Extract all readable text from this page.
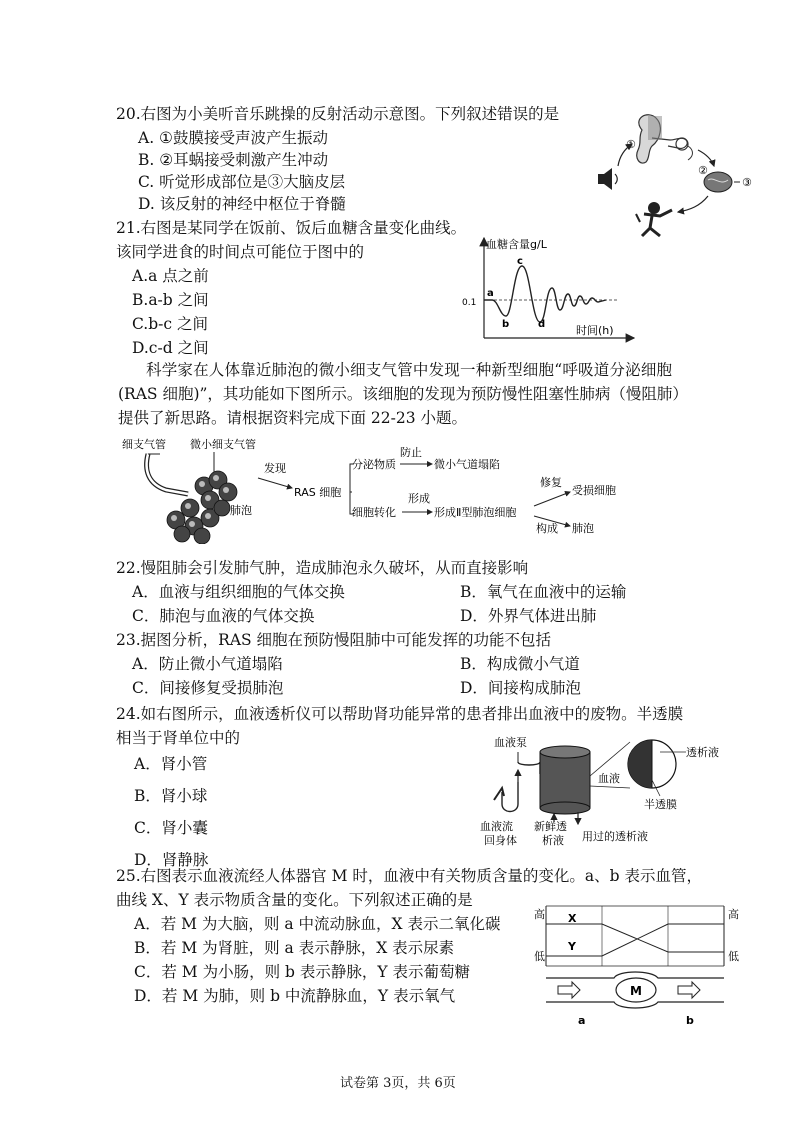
20.右图为小美听音乐跳操的反射活动示意图。下列叙述错误的是
A. ①鼓膜接受声波产生振动
B. ②耳蜗接受刺激产生冲动
C. 听觉形成部位是③大脑皮层
D. 该反射的神经中枢位于脊髓
①
②
③
21.右图是某同学在饭前、饭后血糖含量变化曲线。
该同学进食的时间点可能位于图中的
A.a 点之前
B.a-b 之间
C.b-c 之间
D.c-d 之间
血糖含量g/L
时间(h)
0.1
a
b
c
d
科学家在人体靠近肺泡的微小细支气管中发现一种新型细胞“呼吸道分泌细胞
(RAS 细胞)”，其功能如下图所示。该细胞的发现为预防慢性阻塞性肺病（慢阻肺）
提供了新思路。请根据资料完成下面 22-23 小题。
细支气管 微小细支气管
肺泡
发现
RAS 细胞
分泌物质
防止
微小气道塌陷
细胞转化
形成
形成Ⅱ型肺泡细胞
修复
受损细胞
构成 肺泡
22.慢阻肺会引发肺气肿，造成肺泡永久破坏，从而直接影响
A．血液与组织细胞的气体交换	B．氧气在血液中的运输
C．肺泡与血液的气体交换	D．外界气体进出肺
23.据图分析，RAS 细胞在预防慢阻肺中可能发挥的功能不包括
A．防止微小气道塌陷	B．构成微小气道
C．间接修复受损肺泡	D．间接构成肺泡
24.如右图所示，血液透析仪可以帮助肾功能异常的患者排出血液中的废物。半透膜
相当于肾单位中的
A．肾小管
B．肾小球
C．肾小囊
D．肾静脉
血液泵
血液流
回身体
新鲜透
析液 用过的透析液
透析液
血液
半透膜
25.右图表示血液流经人体器官 M 时，血液中有关物质含量的变化。a、b 表示血管，
曲线 X、Y 表示物质含量的变化。下列叙述正确的是
A．若 M 为大脑，则 a 中流动脉血，X 表示二氧化碳
B．若 M 为肾脏，则 a 表示静脉，X 表示尿素
C．若 M 为小肠，则 b 表示静脉，Y 表示葡萄糖
D．若 M 为肺，则 b 中流静脉血，Y 表示氧气
高
低
高
低
X
Y
M
a	b
试卷第 3页，共 6页
